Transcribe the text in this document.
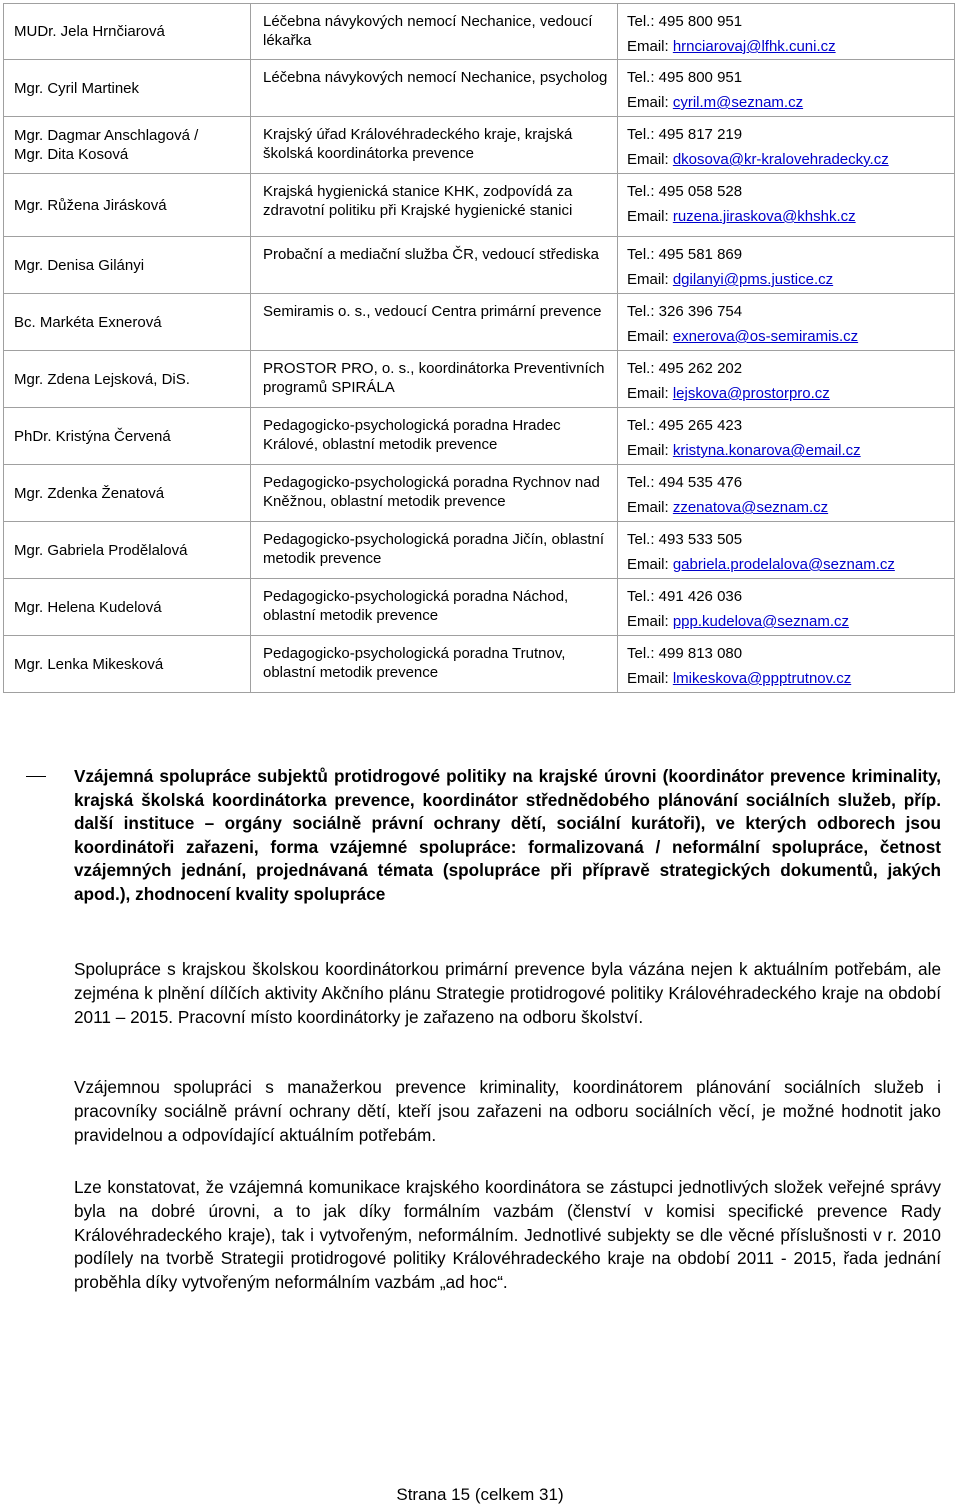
MUDr. Jela Hrnčiarová	Léčebna návykových nemocí Nechanice, vedoucí lékařka	Tel.: 495 800 951
Email: hrnciarovaj@lfhk.cuni.cz

Mgr. Cyril Martinek	Léčebna návykových nemocí Nechanice, psycholog	Tel.: 495 800 951
Email: cyril.m@seznam.cz

Mgr. Dagmar Anschlagová /
Mgr. Dita Kosová	Krajský úřad Královéhradeckého kraje, krajská školská koordinátorka prevence	Tel.: 495 817 219
Email: dkosova@kr-kralovehradecky.cz

Mgr. Růžena Jirásková	Krajská hygienická stanice KHK, zodpovídá za zdravotní politiku při Krajské hygienické stanici	Tel.: 495 058 528
Email: ruzena.jiraskova@khshk.cz

Mgr. Denisa Gilányi	Probační a mediační služba ČR, vedoucí střediska	Tel.: 495 581 869
Email: dgilanyi@pms.justice.cz

Bc. Markéta Exnerová	Semiramis o. s., vedoucí Centra primární prevence	Tel.: 326 396 754
Email: exnerova@os-semiramis.cz

Mgr. Zdena Lejsková, DiS.	PROSTOR PRO, o. s., koordinátorka Preventivních programů SPIRÁLA	Tel.: 495 262 202
Email: lejskova@prostorpro.cz

PhDr. Kristýna Červená	Pedagogicko-psychologická poradna Hradec Králové, oblastní metodik prevence	Tel.: 495 265 423
Email: kristyna.konarova@email.cz

Mgr. Zdenka Ženatová	Pedagogicko-psychologická poradna Rychnov nad Kněžnou, oblastní metodik prevence	Tel.: 494 535 476
Email: zzenatova@seznam.cz

Mgr. Gabriela Prodělalová	Pedagogicko-psychologická poradna Jičín, oblastní metodik prevence	Tel.: 493 533 505
Email: gabriela.prodelalova@seznam.cz

Mgr. Helena Kudelová	Pedagogicko-psychologická poradna Náchod, oblastní metodik prevence	Tel.: 491 426 036
Email: ppp.kudelova@seznam.cz

Mgr. Lenka Mikesková	Pedagogicko-psychologická poradna Trutnov, oblastní metodik prevence	Tel.: 499 813 080
Email: lmikeskova@ppptrutnov.cz

Vzájemná spolupráce subjektů protidrogové politiky na krajské úrovni (koordinátor prevence kriminality, krajská školská koordinátorka prevence, koordinátor střednědobého plánování sociálních služeb, příp. další instituce – orgány sociálně právní ochrany dětí, sociální kurátoři), ve kterých odborech jsou koordinátoři zařazeni, forma vzájemné spolupráce: formalizovaná / neformální spolupráce, četnost vzájemných jednání, projednávaná témata (spolupráce při přípravě strategických dokumentů, jakých apod.), zhodnocení kvality spolupráce

Spolupráce s krajskou školskou koordinátorkou primární prevence byla vázána nejen k aktuálním potřebám, ale zejména k plnění dílčích aktivity Akčního plánu Strategie protidrogové politiky Královéhradeckého kraje na období 2011 – 2015. Pracovní místo koordinátorky je zařazeno na odboru školství.

Vzájemnou spolupráci s manažerkou prevence kriminality, koordinátorem plánování sociálních služeb i pracovníky sociálně právní ochrany dětí, kteří jsou zařazeni na odboru sociálních věcí, je možné hodnotit jako pravidelnou a odpovídající aktuálním potřebám.

Lze konstatovat, že vzájemná komunikace krajského koordinátora se zástupci jednotlivých složek veřejné správy byla na dobré úrovni, a to jak díky formálním vazbám (členství v komisi specifické prevence Rady Královéhradeckého kraje), tak i vytvořeným, neformálním. Jednotlivé subjekty se dle věcné příslušnosti v r. 2010 podílely na tvorbě Strategii protidrogové politiky Královéhradeckého kraje na období 2011 - 2015, řada jednání proběhla díky vytvořeným neformálním vazbám „ad hoc“.

Strana 15 (celkem 31)
